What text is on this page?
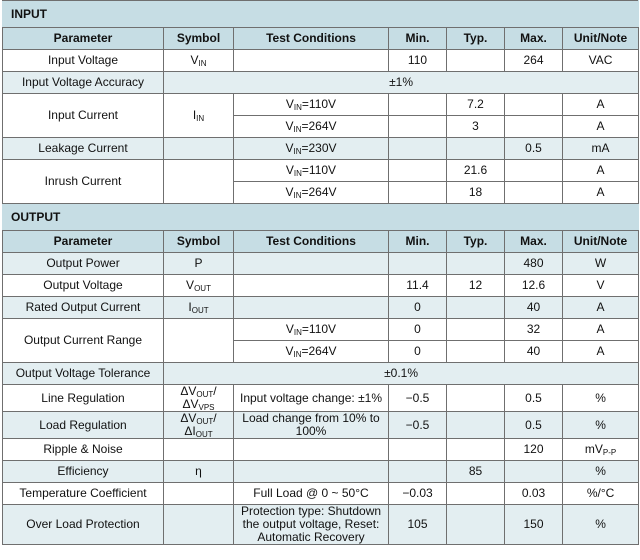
INPUT						
Parameter	Symbol	Test Conditions	Min.	Typ.	Max.	Unit/Note
Input Voltage	$V_{IN}$		110		264	VAC
Input Voltage Accuracy	±1%					
Input Current	$I_{IN}$	$V_{IN}=110V$		7.2		A
		$V_{IN}=264V$		3		A
Leakage Current		$V_{IN}=230V$			0.5	mA
Inrush Current		$V_{IN}=110V$		21.6		A
		$V_{IN}=264V$		18		A
OUTPUT						
Parameter	Symbol	Test Conditions	Min.	Typ.	Max.	Unit/Note
Output Power	P				480	W
Output Voltage	$V_{OUT}$		11.4	12	12.6	V
Rated Output Current	$I_{OUT}$		0		40	A
Output Current Range		$V_{IN}=110V$	0		32	A
		$V_{IN}=264V$	0		40	A
Output Voltage Tolerance	±0.1%					
Line Regulation	$\Delta V_{OUT}/\Delta V_{VPS}$	Input voltage change: ±1%	−0.5		0.5	%
Load Regulation	$\Delta V_{OUT}/\Delta I_{OUT}$	Load change from 10% to 100%	−0.5		0.5	%
Ripple & Noise					120	$mV_{P-P}$
Efficiency	η			85		%
Temperature Coefficient		Full Load @ 0 ~ 50°C	−0.03		0.03	%/°C
Over Load Protection		Protection type: Shutdown the output voltage, Reset: Automatic Recovery	105		150	%
